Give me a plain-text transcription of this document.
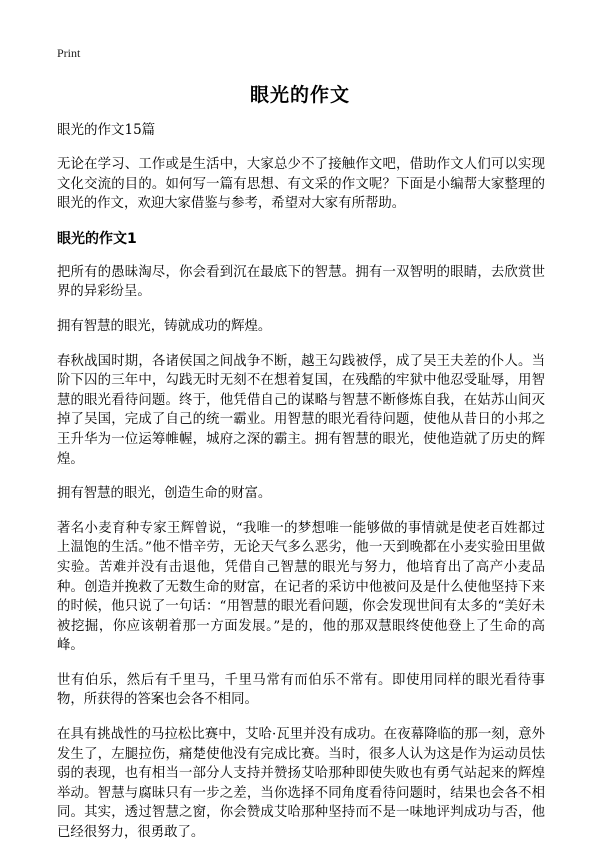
Print
眼光的作文

眼光的作文15篇

无论在学习、工作或是生活中，大家总少不了接触作文吧，借助作文人们可以实现文化交流的目的。如何写一篇有思想、有文采的作文呢？下面是小编帮大家整理的眼光的作文，欢迎大家借鉴与参考，希望对大家有所帮助。

眼光的作文1

把所有的愚昧淘尽，你会看到沉在最底下的智慧。拥有一双智明的眼睛，去欣赏世界的异彩纷呈。

拥有智慧的眼光，铸就成功的辉煌。

春秋战国时期，各诸侯国之间战争不断，越王勾践被俘，成了吴王夫差的仆人。当阶下囚的三年中，勾践无时无刻不在想着复国，在残酷的牢狱中他忍受耻辱，用智慧的眼光看待问题。终于，他凭借自己的谋略与智慧不断修炼自我，在姑苏山间灭掉了吴国，完成了自己的统一霸业。用智慧的眼光看待问题，使他从昔日的小邦之王升华为一位运筹帷幄，城府之深的霸主。拥有智慧的眼光，使他造就了历史的辉煌。

拥有智慧的眼光，创造生命的财富。

著名小麦育种专家王辉曾说，“我唯一的梦想唯一能够做的事情就是使老百姓都过上温饱的生活。”他不惜辛劳，无论天气多么恶劣，他一天到晚都在小麦实验田里做实验。苦难并没有击退他，凭借自己智慧的眼光与努力，他培育出了高产小麦品种。创造并挽救了无数生命的财富，在记者的采访中他被问及是什么使他坚持下来的时候，他只说了一句话：“用智慧的眼光看问题，你会发现世间有太多的“美好未被挖掘，你应该朝着那一方面发展。”是的，他的那双慧眼终使他登上了生命的高峰。

世有伯乐，然后有千里马，千里马常有而伯乐不常有。即使用同样的眼光看待事物，所获得的答案也会各不相同。

在具有挑战性的马拉松比赛中，艾哈·瓦里并没有成功。在夜幕降临的那一刻，意外发生了，左腿拉伤，痛楚使他没有完成比赛。当时，很多人认为这是作为运动员怯弱的表现，也有相当一部分人支持并赞扬艾哈那种即使失败也有勇气站起来的辉煌举动。智慧与腐昧只有一步之差，当你选择不同角度看待问题时，结果也会各不相同。其实，透过智慧之窗，你会赞成艾哈那种坚持而不是一味地评判成功与否，他已经很努力，很勇敢了。
